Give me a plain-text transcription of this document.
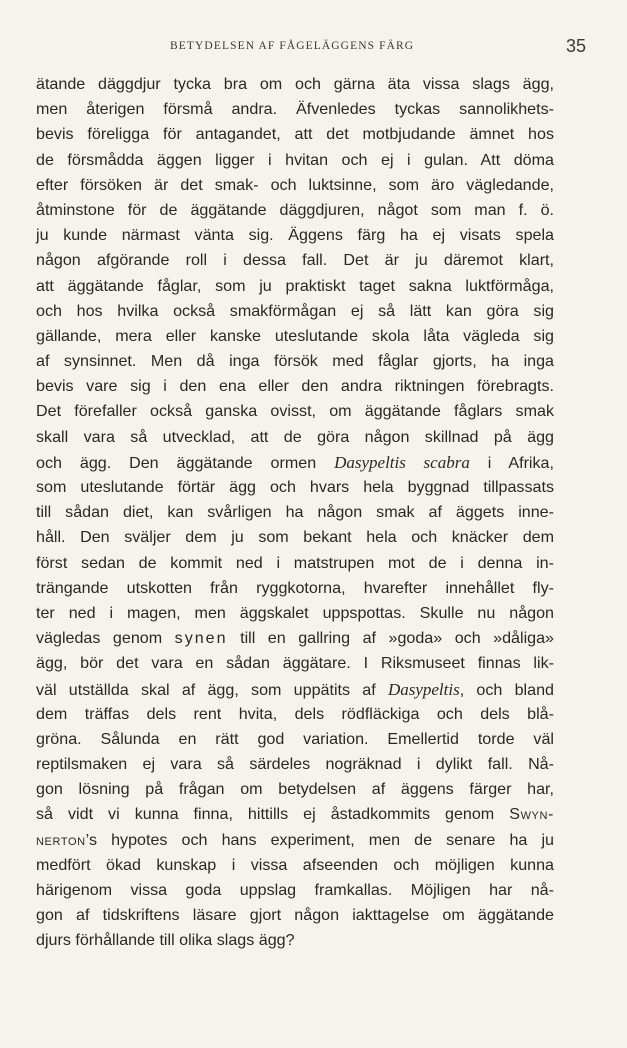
BETYDELSEN AF FÅGELÄGGENS FÄRG	35
ätande däggdjur tycka bra om och gärna äta vissa slags ägg,
men återigen försmå andra. Äfvenledes tyckas sannolikhets-
bevis föreligga för antagandet, att det motbjudande ämnet hos
de försmådda äggen ligger i hvitan och ej i gulan. Att döma
efter försöken är det smak- och luktsinne, som äro vägledande,
åtminstone för de äggätande däggdjuren, något som man f. ö.
ju kunde närmast vänta sig. Äggens färg ha ej visats spela
någon afgörande roll i dessa fall. Det är ju däremot klart,
att äggätande fåglar, som ju praktiskt taget sakna luktförmåga,
och hos hvilka också smakförmågan ej så lätt kan göra sig
gällande, mera eller kanske uteslutande skola låta vägleda sig
af synsinnet. Men då inga försök med fåglar gjorts, ha inga
bevis vare sig i den ena eller den andra riktningen förebragts.
Det förefaller också ganska ovisst, om äggätande fåglars smak
skall vara så utvecklad, att de göra någon skillnad på ägg
och ägg. Den äggätande ormen Dasypeltis scabra i Afrika,
som uteslutande förtär ägg och hvars hela byggnad tillpassats
till sådan diet, kan svårligen ha någon smak af äggets inne-
håll. Den sväljer dem ju som bekant hela och knäcker dem
först sedan de kommit ned i matstrupen mot de i denna in-
trängande utskotten från ryggkotorna, hvarefter innehållet fly-
ter ned i magen, men äggskalet uppspottas. Skulle nu någon
vägledas genom synen till en gallring af »goda» och »dåliga»
ägg, bör det vara en sådan äggätare. I Riksmuseet finnas lik-
väl utställda skal af ägg, som uppätits af Dasypeltis, och bland
dem träffas dels rent hvita, dels rödfläckiga och dels blå-
gröna. Sålunda en rätt god variation. Emellertid torde väl
reptilsmaken ej vara så särdeles nogräknad i dylikt fall. Nå-
gon lösning på frågan om betydelsen af äggens färger har,
så vidt vi kunna finna, hittills ej åstadkommits genom Swyn-
nerton’s hypotes och hans experiment, men de senare ha ju
medfört ökad kunskap i vissa afseenden och möjligen kunna
härigenom vissa goda uppslag framkallas. Möjligen har nå-
gon af tidskriftens läsare gjort någon iakttagelse om äggätande
djurs förhållande till olika slags ägg?
